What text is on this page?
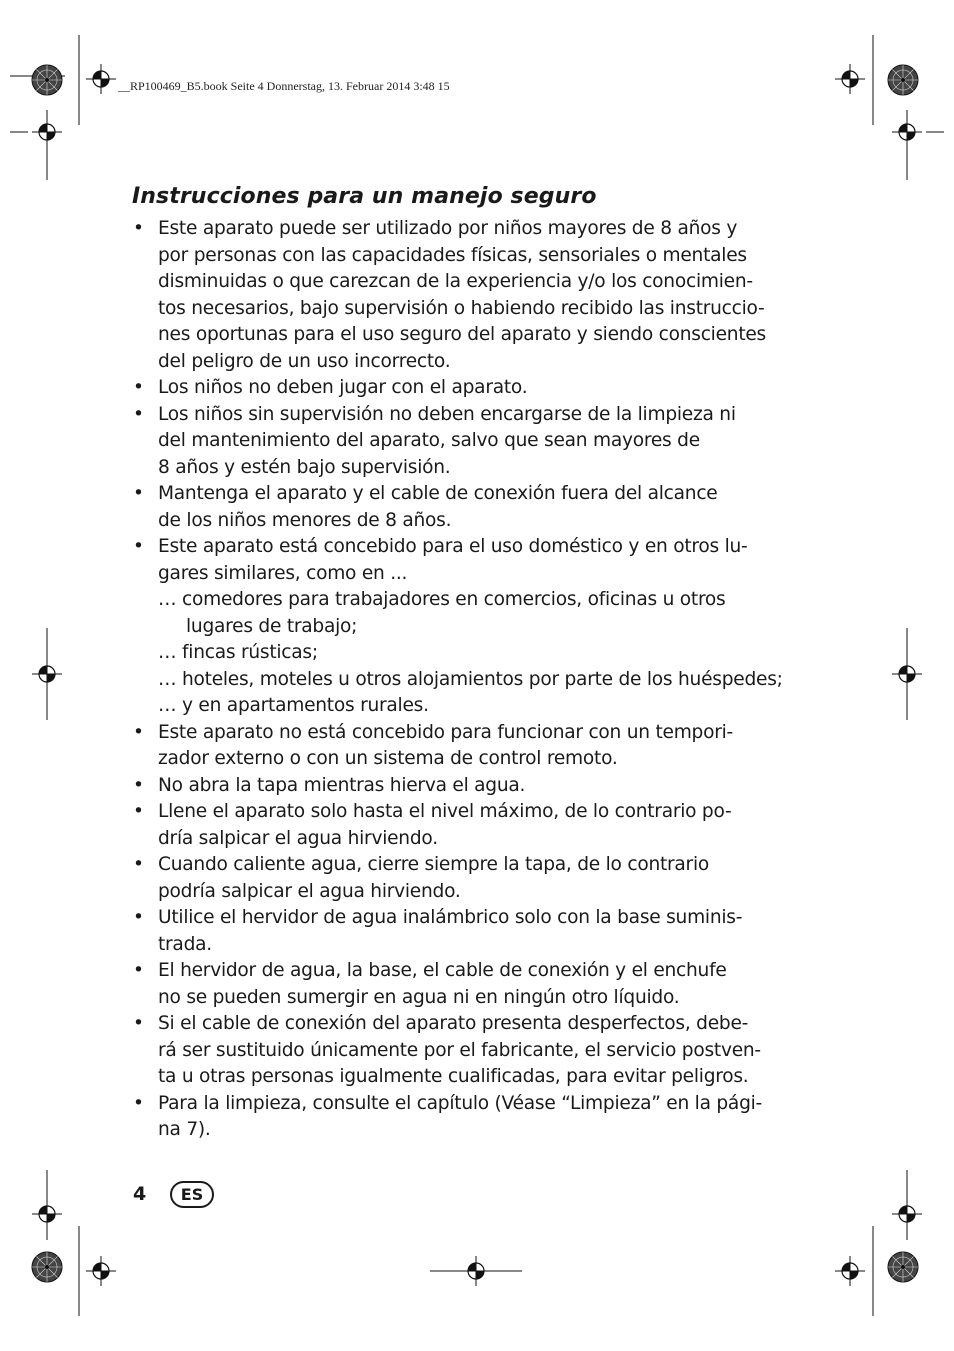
__RP100469_B5.book Seite 4 Donnerstag, 13. Februar 2014 3:48 15
Instrucciones para un manejo seguro
• Este aparato puede ser utilizado por niños mayores de 8 años y
por personas con las capacidades físicas, sensoriales o mentales
disminuidas o que carezcan de la experiencia y/o los conocimien-
tos necesarios, bajo supervisión o habiendo recibido las instruccio-
nes oportunas para el uso seguro del aparato y siendo conscientes
del peligro de un uso incorrecto.
• Los niños no deben jugar con el aparato.
• Los niños sin supervisión no deben encargarse de la limpieza ni
del mantenimiento del aparato, salvo que sean mayores de
8 años y estén bajo supervisión.
• Mantenga el aparato y el cable de conexión fuera del alcance
de los niños menores de 8 años.
• Este aparato está concebido para el uso doméstico y en otros lu-
gares similares, como en ...
… comedores para trabajadores en comercios, oficinas u otros
lugares de trabajo;
… fincas rústicas;
… hoteles, moteles u otros alojamientos por parte de los huéspedes;
… y en apartamentos rurales.
• Este aparato no está concebido para funcionar con un tempori-
zador externo o con un sistema de control remoto.
• No abra la tapa mientras hierva el agua.
• Llene el aparato solo hasta el nivel máximo, de lo contrario po-
dría salpicar el agua hirviendo.
• Cuando caliente agua, cierre siempre la tapa, de lo contrario
podría salpicar el agua hirviendo.
• Utilice el hervidor de agua inalámbrico solo con la base suminis-
trada.
• El hervidor de agua, la base, el cable de conexión y el enchufe
no se pueden sumergir en agua ni en ningún otro líquido.
• Si el cable de conexión del aparato presenta desperfectos, debe-
rá ser sustituido únicamente por el fabricante, el servicio postven-
ta u otras personas igualmente cualificadas, para evitar peligros.
• Para la limpieza, consulte el capítulo (Véase “Limpieza” en la pági-
na 7).
4	ES
